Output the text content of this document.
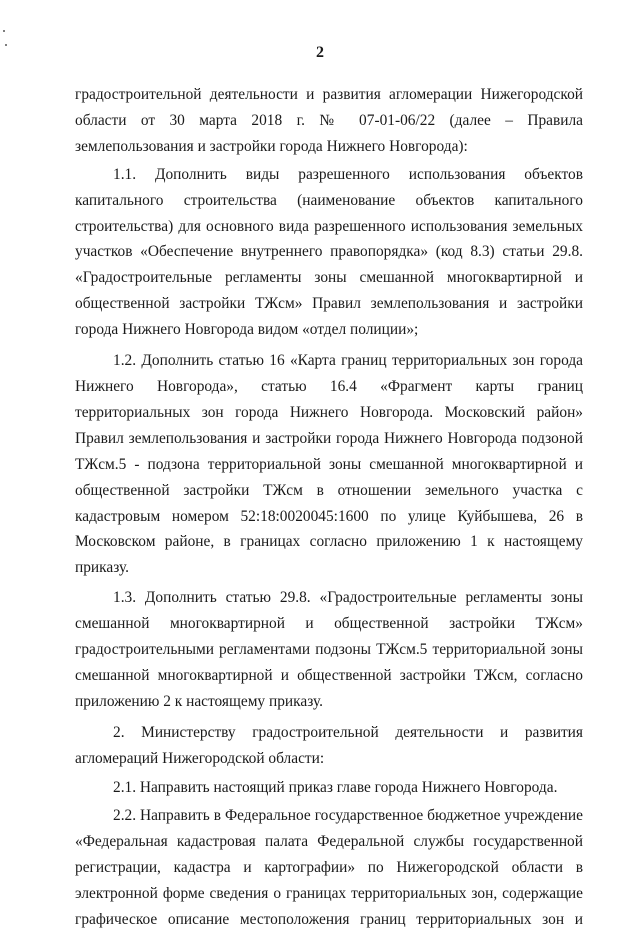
2

градостроительной деятельности и развития агломерации Нижегородской области от 30 марта 2018 г. № 07-01-06/22 (далее – Правила землепользования и застройки города Нижнего Новгорода):

1.1. Дополнить виды разрешенного использования объектов капитального строительства (наименование объектов капитального строительства) для основного вида разрешенного использования земельных участков «Обеспечение внутреннего правопорядка» (код 8.3) статьи 29.8. «Градостроительные регламенты зоны смешанной многоквартирной и общественной застройки ТЖсм» Правил землепользования и застройки города Нижнего Новгорода видом «отдел полиции»;

1.2. Дополнить статью 16 «Карта границ территориальных зон города Нижнего Новгорода», статью 16.4 «Фрагмент карты границ территориальных зон города Нижнего Новгорода. Московский район» Правил землепользования и застройки города Нижнего Новгорода подзоной ТЖсм.5 - подзона территориальной зоны смешанной многоквартирной и общественной застройки ТЖсм в отношении земельного участка с кадастровым номером 52:18:0020045:1600 по улице Куйбышева, 26 в Московском районе, в границах согласно приложению 1 к настоящему приказу.

1.3. Дополнить статью 29.8. «Градостроительные регламенты зоны смешанной многоквартирной и общественной застройки ТЖсм» градостроительными регламентами подзоны ТЖсм.5 территориальной зоны смешанной многоквартирной и общественной застройки ТЖсм, согласно приложению 2 к настоящему приказу.

2. Министерству градостроительной деятельности и развития агломераций Нижегородской области:

2.1. Направить настоящий приказ главе города Нижнего Новгорода.

2.2. Направить в Федеральное государственное бюджетное учреждение «Федеральная кадастровая палата Федеральной службы государственной регистрации, кадастра и картографии» по Нижегородской области в электронной форме сведения о границах территориальных зон, содержащие графическое описание местоположения границ территориальных зон и
